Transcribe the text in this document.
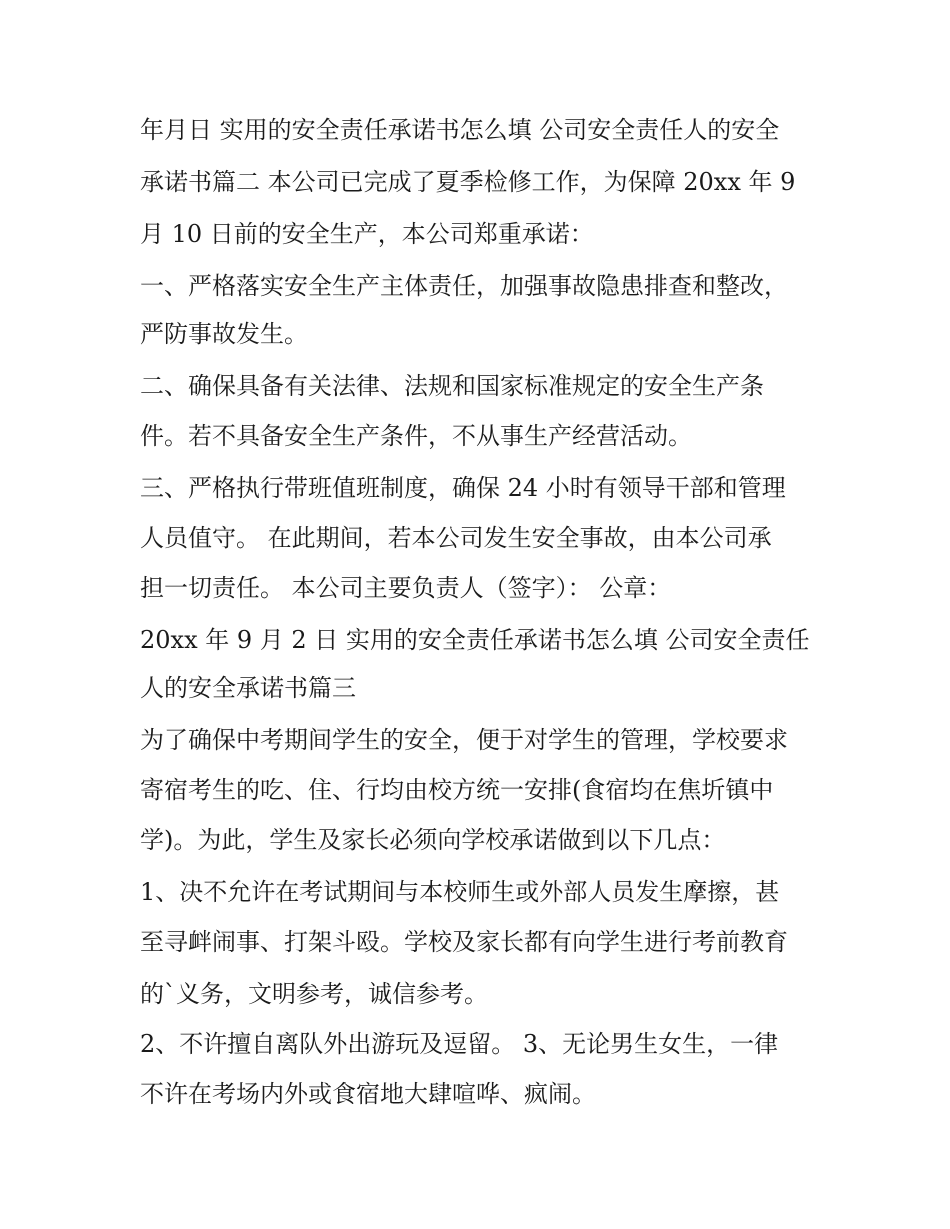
年月日 实用的安全责任承诺书怎么填 公司安全责任人的安全
承诺书篇二 本公司已完成了夏季检修工作，为保障 20xx 年 9
月 10 日前的安全生产，本公司郑重承诺：
一、严格落实安全生产主体责任，加强事故隐患排查和整改，
严防事故发生。
二、确保具备有关法律、法规和国家标准规定的安全生产条
件。若不具备安全生产条件，不从事生产经营活动。
三、严格执行带班值班制度，确保 24 小时有领导干部和管理
人员值守。 在此期间，若本公司发生安全事故，由本公司承
担一切责任。 本公司主要负责人（签字）： 公章：
20xx 年 9 月 2 日 实用的安全责任承诺书怎么填 公司安全责任
人的安全承诺书篇三
为了确保中考期间学生的安全，便于对学生的管理，学校要求
寄宿考生的吃、住、行均由校方统一安排(食宿均在焦圻镇中
学)。为此，学生及家长必须向学校承诺做到以下几点：
1、决不允许在考试期间与本校师生或外部人员发生摩擦，甚
至寻衅闹事、打架斗殴。学校及家长都有向学生进行考前教育
的`义务，文明参考，诚信参考。
2、不许擅自离队外出游玩及逗留。 3、无论男生女生，一律
不许在考场内外或食宿地大肆喧哗、疯闹。
